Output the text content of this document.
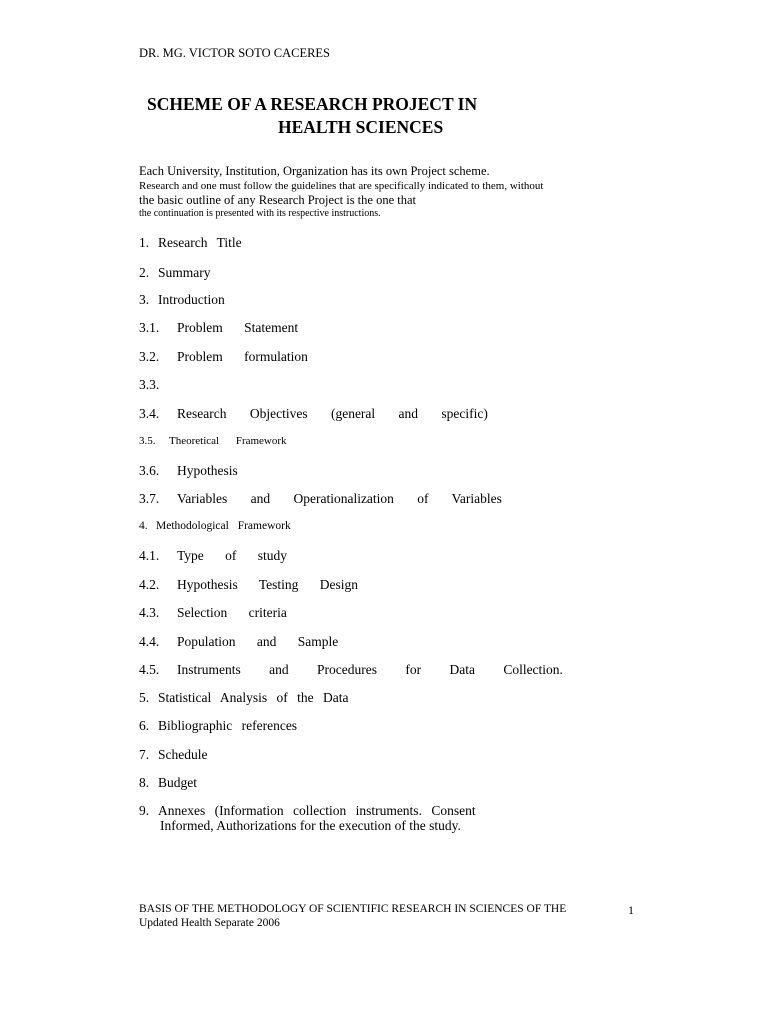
DR. MG. VICTOR SOTO CACERES
SCHEME OF A RESEARCH PROJECT IN
HEALTH SCIENCES
Each University, Institution, Organization has its own Project scheme.
Research and one must follow the guidelines that are specifically indicated to them, without
the basic outline of any Research Project is the one that
the continuation is presented with its respective instructions.
1. Research Title
2. Summary
3. Introduction
3.1. Problem Statement
3.2. Problem formulation
3.3.
3.4. Research Objectives (general and specific)
3.5. Theoretical Framework
3.6. Hypothesis
3.7. Variables and Operationalization of Variables
4. Methodological Framework
4.1. Type of study
4.2. Hypothesis Testing Design
4.3. Selection criteria
4.4. Population and Sample
4.5. Instruments and Procedures for Data Collection.
5. Statistical Analysis of the Data
6. Bibliographic references
7. Schedule
8. Budget
9. Annexes (Information collection instruments. Consent
Informed, Authorizations for the execution of the study.
BASIS OF THE METHODOLOGY OF SCIENTIFIC RESEARCH IN SCIENCES OF THE
Updated Health Separate 2006
1
